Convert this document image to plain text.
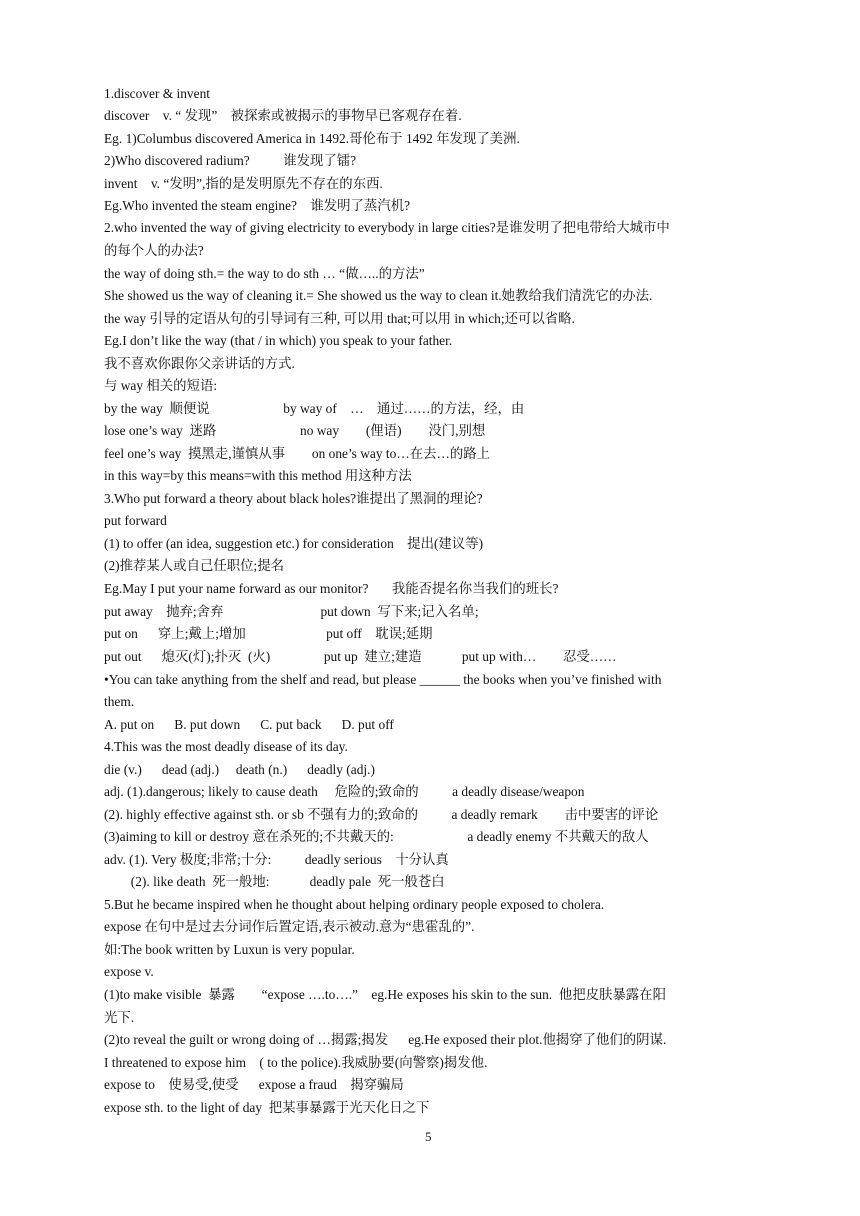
1.discover & invent
discover    v. “ 发现”    被探索或被揭示的事物早已客观存在着.
Eg. 1)Columbus discovered America in 1492.哥伦布于 1492 年发现了美洲.
2)Who discovered radium?          谁发现了镭?
invent    v. “发明”,指的是发明原先不存在的东西.
Eg.Who invented the steam engine?    谁发明了蒸汽机?
2.who invented the way of giving electricity to everybody in large cities?是谁发明了把电带给大城市中
的每个人的办法?
the way of doing sth.= the way to do sth … “做…..的方法”
She showed us the way of cleaning it.= She showed us the way to clean it.她教给我们清洗它的办法.
the way 引导的定语从句的引导词有三种, 可以用 that;可以用 in which;还可以省略.
Eg.I don’t like the way (that / in which) you speak to your father.
我不喜欢你跟你父亲讲话的方式.
与 way 相关的短语:
by the way  顺便说                      by way of    …    通过……的方法，经，由
lose one’s way  迷路                         no way        (俚语)        没门,别想
feel one’s way  摸黑走,谨慎从事        on one’s way to…在去…的路上
in this way=by this means=with this method 用这种方法
3.Who put forward a theory about black holes?谁提出了黑洞的理论?
put forward
(1) to offer (an idea, suggestion etc.) for consideration    提出(建议等)
(2)推荐某人或自己任职位;提名
Eg.May I put your name forward as our monitor?       我能否提名你当我们的班长?
put away    抛弃;舍弃                             put down  写下来;记入名单;
put on      穿上;戴上;增加                        put off    耽误;延期
put out      熄灭(灯);扑灭  (火)                put up  建立;建造            put up with…        忍受……
•You can take anything from the shelf and read, but please ______ the books when you’ve finished with
them.
A. put on      B. put down      C. put back      D. put off
4.This was the most deadly disease of its day.
die (v.)      dead (adj.)     death (n.)      deadly (adj.)
adj. (1).dangerous; likely to cause death     危险的;致命的          a deadly disease/weapon
(2). highly effective against sth. or sb 不强有力的;致命的          a deadly remark        击中要害的评论
(3)aiming to kill or destroy 意在杀死的;不共戴天的:                      a deadly enemy 不共戴天的敌人
adv. (1). Very 极度;非常;十分:          deadly serious    十分认真
(2). like death  死一般地:            deadly pale  死一般苍白
5.But he became inspired when he thought about helping ordinary people exposed to cholera.
expose 在句中是过去分词作后置定语,表示被动.意为“患霍乱的”.
如:The book written by Luxun is very popular.
expose v.
(1)to make visible  暴露        “expose ….to….”    eg.He exposes his skin to the sun.  他把皮肤暴露在阳
光下.
(2)to reveal the guilt or wrong doing of …揭露;揭发      eg.He exposed their plot.他揭穿了他们的阴谋.
I threatened to expose him    ( to the police).我威胁要(向警察)揭发他.
expose to    使易受,使受      expose a fraud    揭穿骗局
expose sth. to the light of day  把某事暴露于光天化日之下
5
